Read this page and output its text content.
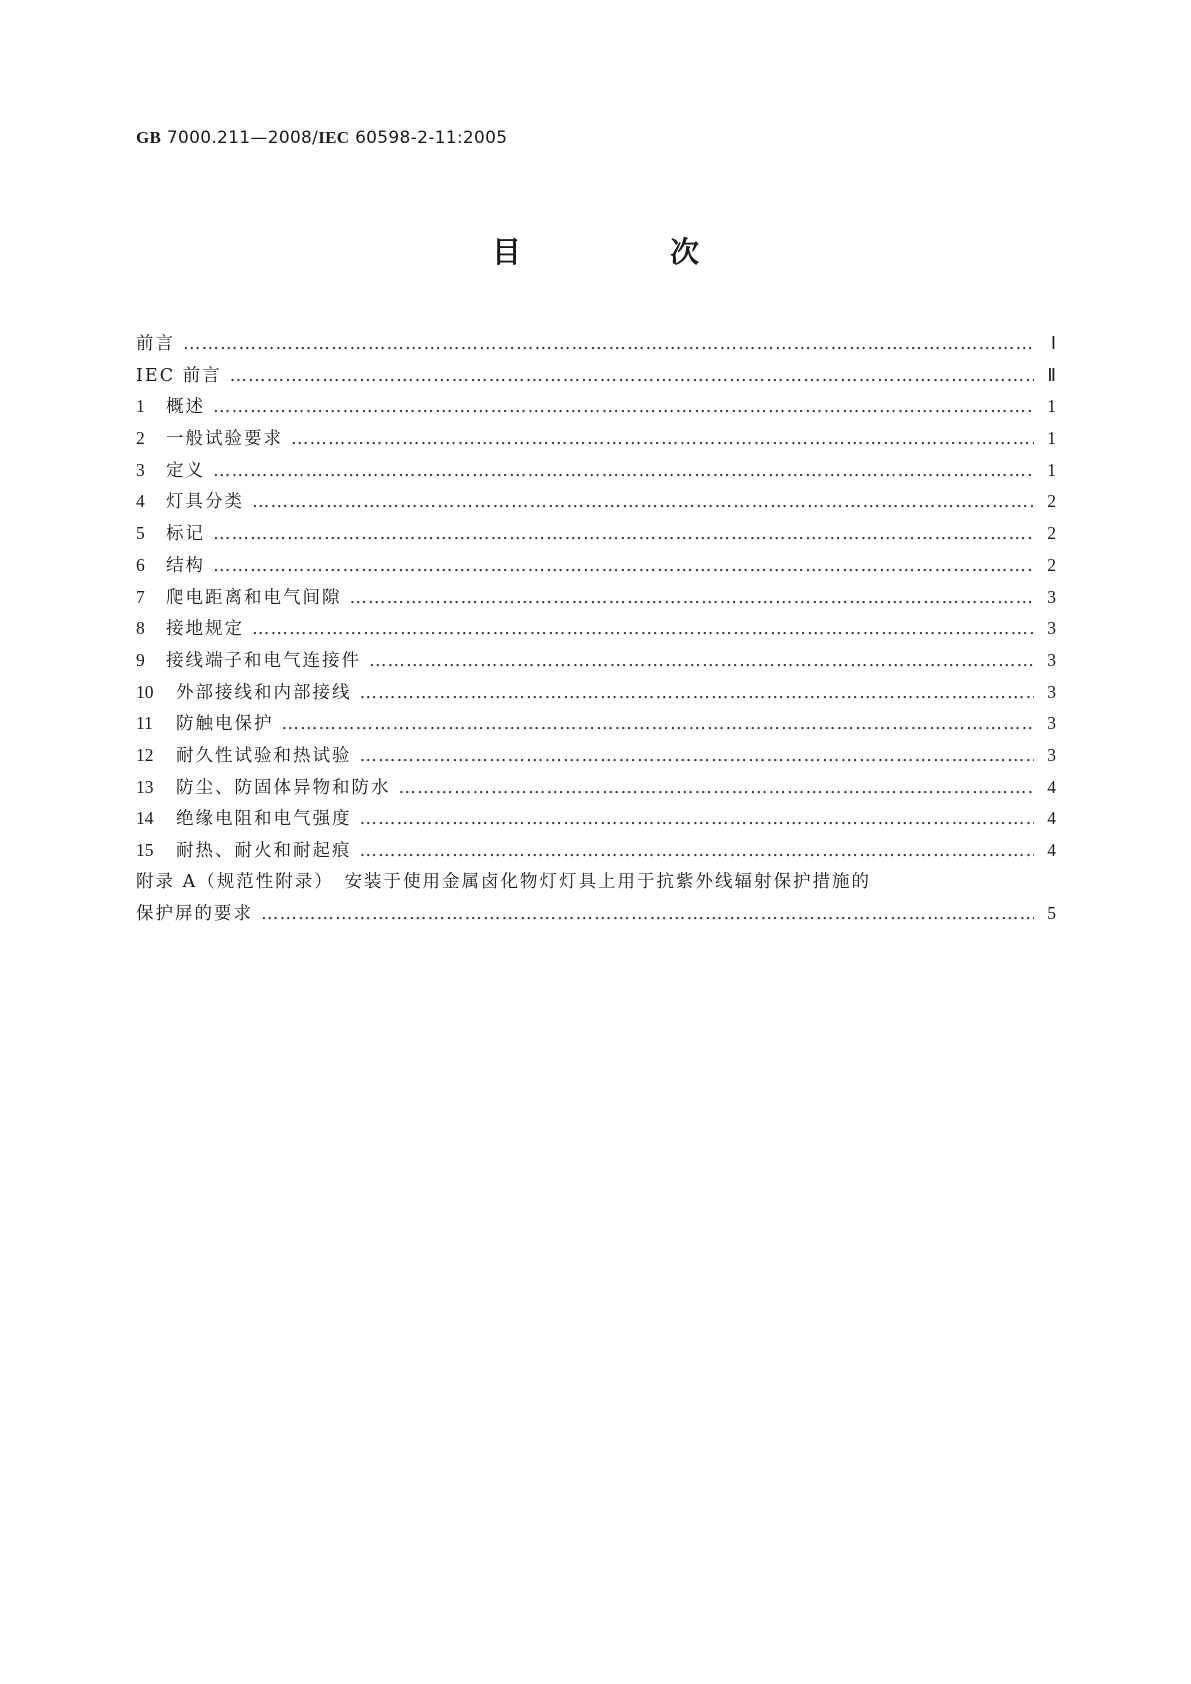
GB 7000.211—2008/IEC 60598-2-11:2005
目　次
前言 ……………………………………………………………………………………………………………………………………………………………………………………………………………………	Ⅰ
IEC 前言 ……………………………………………………………………………………………………………………………………………………………………………………………………………………	Ⅱ
1	概述 ……………………………………………………………………………………………………………………………………………………………………………………………………………………	1
2	一般试验要求 ……………………………………………………………………………………………………………………………………………………………………………………………………………………	1
3	定义 ……………………………………………………………………………………………………………………………………………………………………………………………………………………	1
4	灯具分类 ……………………………………………………………………………………………………………………………………………………………………………………………………………………	2
5	标记 ……………………………………………………………………………………………………………………………………………………………………………………………………………………	2
6	结构 ……………………………………………………………………………………………………………………………………………………………………………………………………………………	2
7	爬电距离和电气间隙 ……………………………………………………………………………………………………………………………………………………………………………………………………………………	3
8	接地规定 ……………………………………………………………………………………………………………………………………………………………………………………………………………………	3
9	接线端子和电气连接件 ……………………………………………………………………………………………………………………………………………………………………………………………………………………	3
10	外部接线和内部接线 ……………………………………………………………………………………………………………………………………………………………………………………………………………………	3
11	防触电保护 ……………………………………………………………………………………………………………………………………………………………………………………………………………………	3
12	耐久性试验和热试验 ……………………………………………………………………………………………………………………………………………………………………………………………………………………	3
13	防尘、防固体异物和防水 ……………………………………………………………………………………………………………………………………………………………………………………………………………………	4
14	绝缘电阻和电气强度 ……………………………………………………………………………………………………………………………………………………………………………………………………………………	4
15	耐热、耐火和耐起痕 ……………………………………………………………………………………………………………………………………………………………………………………………………………………	4
附录 A（规范性附录）　安装于使用金属卤化物灯灯具上用于抗紫外线辐射保护措施的
保护屏的要求 ……………………………………………………………………………………………………………………………………………………………………………………………………………………	5
